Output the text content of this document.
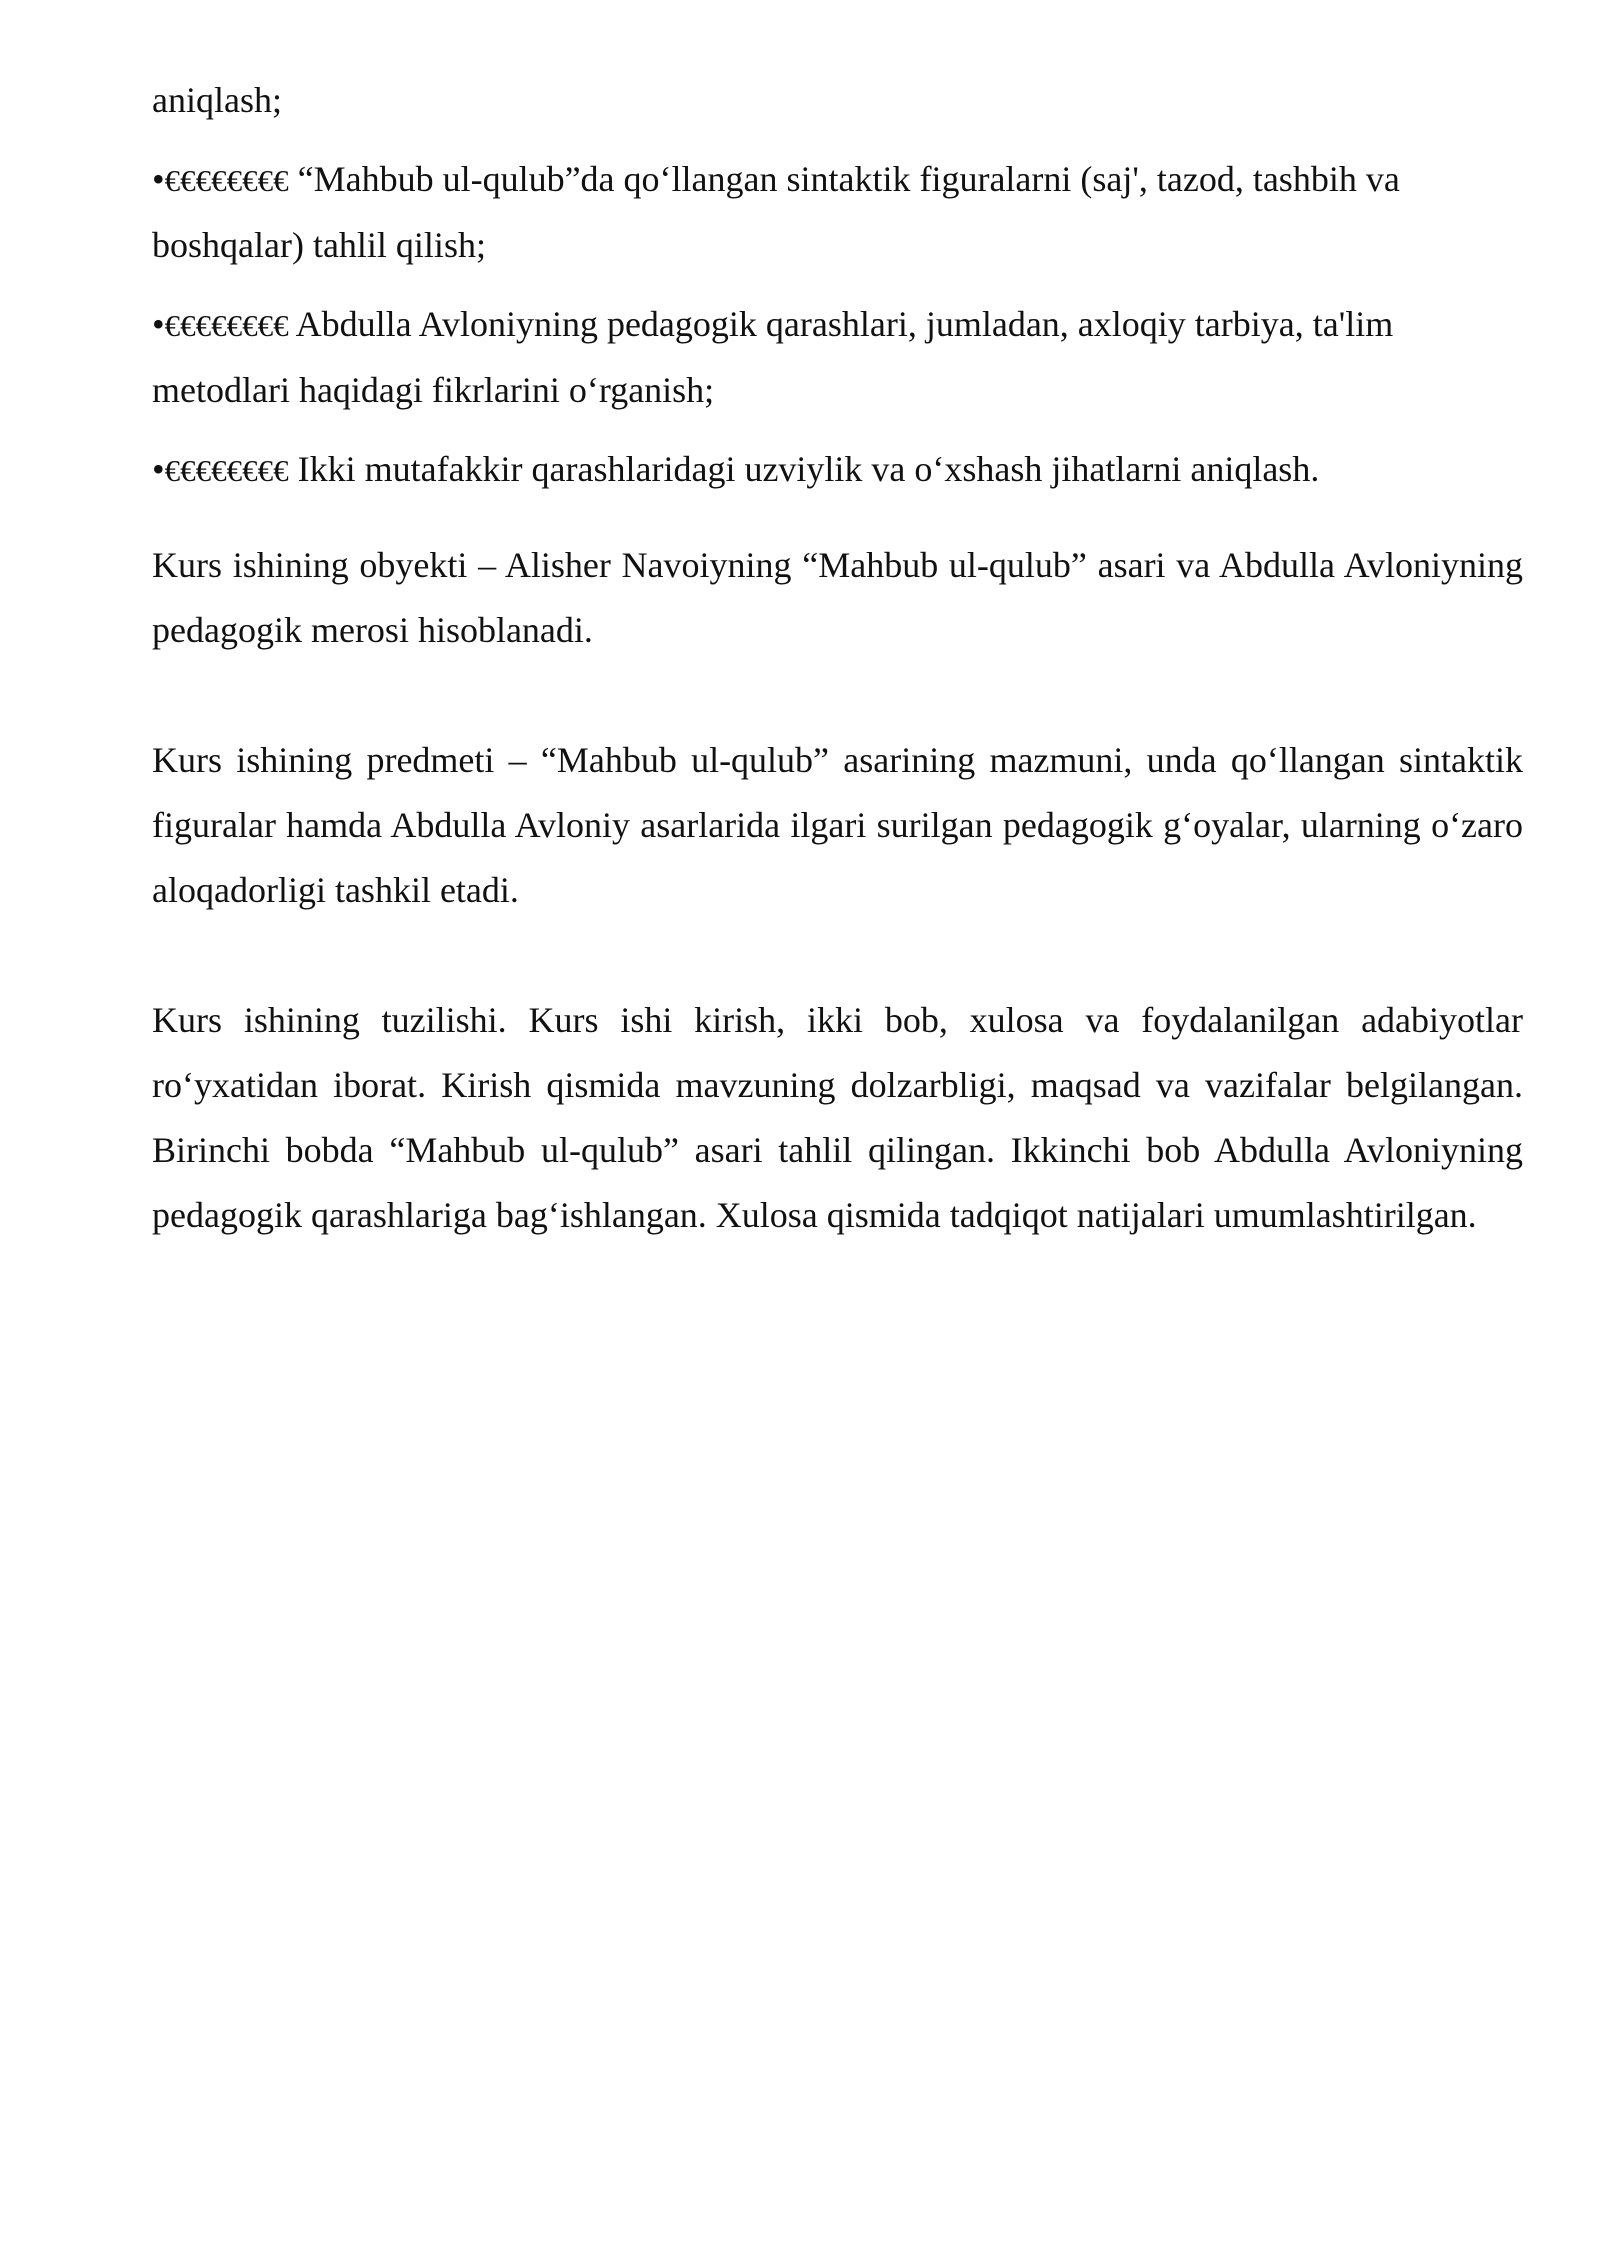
aniqlash;

•€€€€€€€€ “Mahbub ul-qulub”da qo‘llangan sintaktik figuralarni (saj', tazod, tashbih va boshqalar) tahlil qilish;

•€€€€€€€€ Abdulla Avloniyning pedagogik qarashlari, jumladan, axloqiy tarbiya, ta'lim metodlari haqidagi fikrlarini o‘rganish;

•€€€€€€€€ Ikki mutafakkir qarashlaridagi uzviylik va o‘xshash jihatlarni aniqlash.

Kurs ishining obyekti – Alisher Navoiyning “Mahbub ul-qulub” asari va Abdulla Avloniyning pedagogik merosi hisoblanadi.

Kurs ishining predmeti – “Mahbub ul-qulub” asarining mazmuni, unda qo‘llangan sintaktik figuralar hamda Abdulla Avloniy asarlarida ilgari surilgan pedagogik g‘oyalar, ularning o‘zaro aloqadorligi tashkil etadi.

Kurs ishining tuzilishi. Kurs ishi kirish, ikki bob, xulosa va foydalanilgan adabiyotlar ro‘yxatidan iborat. Kirish qismida mavzuning dolzarbligi, maqsad va vazifalar belgilangan. Birinchi bobda “Mahbub ul-qulub” asari tahlil qilingan. Ikkinchi bob Abdulla Avloniyning pedagogik qarashlariga bag‘ishlangan. Xulosa qismida tadqiqot natijalari umumlashtirilgan.
